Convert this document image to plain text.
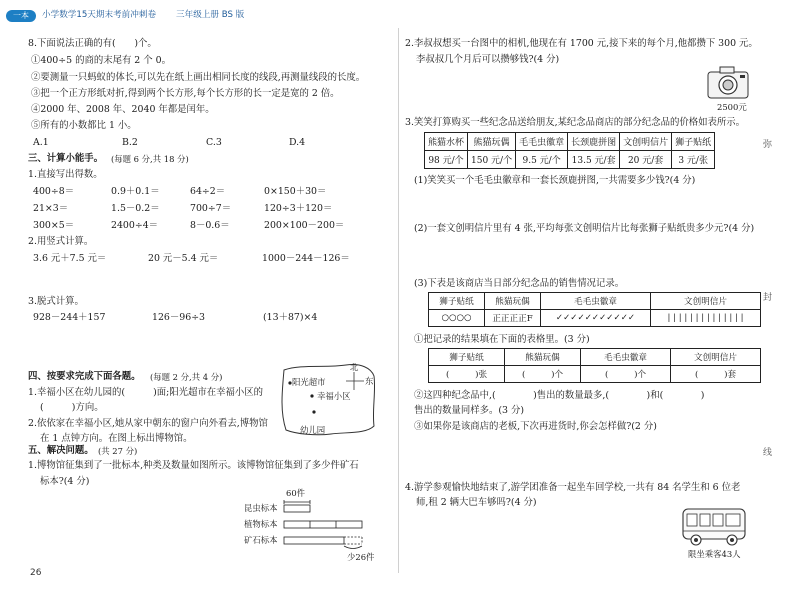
一本	小学数学15天期末考前冲刺卷 三年级上册 BS 版
8.下面说法正确的有(　　)个。
①400÷5 的商的末尾有 2 个 0。
②要测量一只蚂蚁的体长,可以先在纸上画出相同长度的线段,再测量线段的长度。
③把一个正方形纸对折,得到两个长方形,每个长方形的长一定是宽的 2 倍。
④2000 年、2008 年、2040 年都是闰年。
⑤所有的小数都比 1 小。
A.1	B.2	C.3	D.4
三、计算小能手。 (每题 6 分,共 18 分)
1.直接写出得数。
400÷8＝	0.9＋0.1＝	64÷2＝	0×150＋30＝
21×3＝	1.5－0.2＝	700÷7＝	120÷3＋120＝
300×5＝	2400÷4＝	8－0.6＝	200×100－200＝
2.用竖式计算。
3.6 元＋7.5 元＝	20 元－5.4 元＝	1000－244－126＝
3.脱式计算。
928－244＋157	126－96÷3	(13＋87)×4
四、按要求完成下面各题。 (每题 2 分,共 4 分)
1.幸福小区在幼儿园的(　　　)面;阳光超市在幸福小区的
(　　　)方向。
2.依依家在幸福小区,她从家中朝东的窗户向外看去,博物馆
在 1 点钟方向。在图上标出博物馆。
北
东
阳光超市
幸福小区
幼儿园
五、解决问题。 (共 27 分)
1.博物馆征集到了一批标本,种类及数量如图所示。该博物馆征集到了多少件矿石
标本?(4 分)
60件
昆虫标本
植物标本
矿石标本
少26件
26
2.李叔叔想买一台图中的相机,他现在有 1700 元,接下来的每个月,他都攒下 300 元。
李叔叔几个月后可以攒够钱?(4 分)
2500元
3.笑笑打算购买一些纪念品送给朋友,某纪念品商店的部分纪念品的价格如表所示。
熊猫水杯	熊猫玩偶	毛毛虫徽章	长颈鹿拼图	文创明信片	狮子贴纸
98 元/个	150 元/个	9.5 元/个	13.5 元/套	20 元/套	3 元/张
(1)笑笑买一个毛毛虫徽章和一套长颈鹿拼图,一共需要多少钱?(4 分)
(2)一套文创明信片里有 4 张,平均每张文创明信片比每张狮子贴纸贵多少元?(4 分)
(3)下表是该商店当日部分纪念品的销售情况记录。
狮子贴纸	熊猫玩偶	毛毛虫徽章	文创明信片
○○○○	正正正正F	✓✓✓✓✓✓✓✓✓✓✓	| | | | | | | | | | | | | |
①把记录的结果填在下面的表格里。(3 分)
狮子贴纸	熊猫玩偶	毛毛虫徽章	文创明信片
(　　　)张	(　　　)个	(　　　)个	(　　　)套
②这四种纪念品中,(　　　　)售出的数量最多,(　　　　)和(　　　　)
售出的数量同样多。(3 分)
③如果你是该商店的老板,下次再进货时,你会怎样做?(2 分)
4.游学参观愉快地结束了,游学团准备一起坐车回学校,一共有 84 名学生和 6 位老
师,租 2 辆大巴车够吗?(4 分)
限坐乘客43人
弥
封
线
